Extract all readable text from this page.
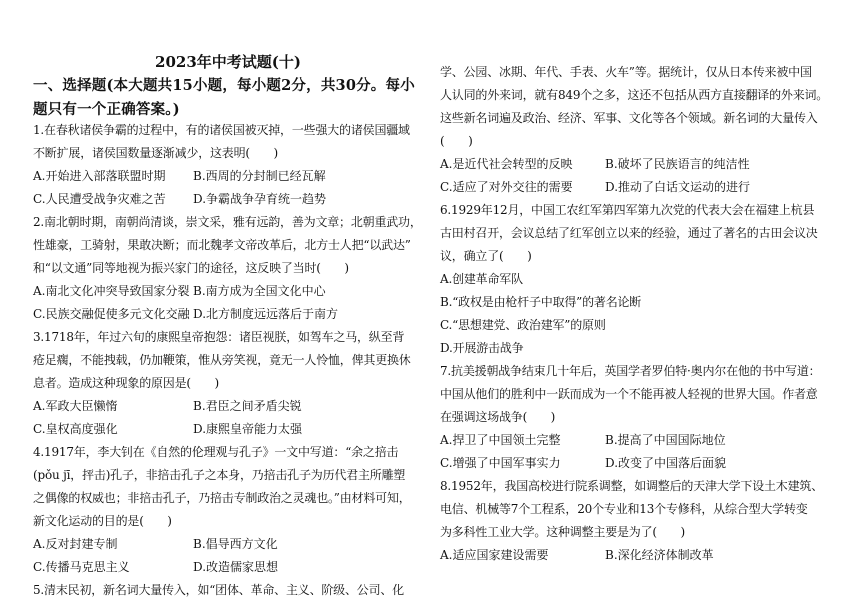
2023年中考试题(十)
一、选择题(本大题共15小题，每小题2分，共30分。每小
题只有一个正确答案。)
1.在春秋诸侯争霸的过程中，有的诸侯国被灭掉，一些强大的诸侯国疆域
不断扩展，诸侯国数量逐渐减少，这表明(　　)
A.开始进入部落联盟时期	B.西周的分封制已经瓦解
C.人民遭受战争灾难之苦	D.争霸战争孕育统一趋势
2.南北朝时期，南朝尚清谈，崇文采，雅有远韵，善为文章；北朝重武功，
性雄豪，工骑射，果敢决断；而北魏孝文帝改革后，北方士人把“以武达”
和“以文通”同等地视为振兴家门的途径，这反映了当时(　　)
A.南北文化冲突导致国家分裂 B.南方成为全国文化中心
C.民族交融促使多元文化交融 D.北方制度远远落后于南方
3.1718年，年过六旬的康熙皇帝抱怨：诸臣视朕，如驾车之马，纵至背
疮足瘸，不能拽载，仍加鞭策，惟从旁笑视，竟无一人怜恤，俾其更换休
息者。造成这种现象的原因是(　　)
A.军政大臣懒惰	B.君臣之间矛盾尖锐
C.皇权高度强化	D.康熙皇帝能力太强
4.1917年，李大钊在《自然的伦理观与孔子》一文中写道：“余之掊击
(pǒu jī，抨击)孔子，非掊击孔子之本身，乃掊击孔子为历代君主所雕塑
之偶像的权威也；非掊击孔子，乃掊击专制政治之灵魂也。”由材料可知，
新文化运动的目的是(　　)
A.反对封建专制	B.倡导西方文化
C.传播马克思主义	D.改造儒家思想
5.清末民初，新名词大量传入，如“团体、革命、主义、阶级、公司、化
学、公园、冰期、年代、手表、火车”等。据统计，仅从日本传来被中国
人认同的外来词，就有849个之多，这还不包括从西方直接翻译的外来词。
这些新名词遍及政治、经济、军事、文化等各个领域。新名词的大量传入
(　　)
A.是近代社会转型的反映	B.破坏了民族语言的纯洁性
C.适应了对外交往的需要	D.推动了白话文运动的进行
6.1929年12月，中国工农红军第四军第九次党的代表大会在福建上杭县
古田村召开，会议总结了红军创立以来的经验，通过了著名的古田会议决
议，确立了(　　)
A.创建革命军队
B.“政权是由枪杆子中取得”的著名论断
C.“思想建党、政治建军”的原则
D.开展游击战争
7.抗美援朝战争结束几十年后，英国学者罗伯特·奥内尔在他的书中写道：
中国从他们的胜利中一跃而成为一个不能再被人轻视的世界大国。作者意
在强调这场战争(　　)
A.捍卫了中国领土完整	B.提高了中国国际地位
C.增强了中国军事实力	D.改变了中国落后面貌
8.1952年，我国高校进行院系调整，如调整后的天津大学下设土木建筑、
电信、机械等7个工程系，20个专业和13个专修科，从综合型大学转变
为多科性工业大学。这种调整主要是为了(　　)
A.适应国家建设需要	B.深化经济体制改革
